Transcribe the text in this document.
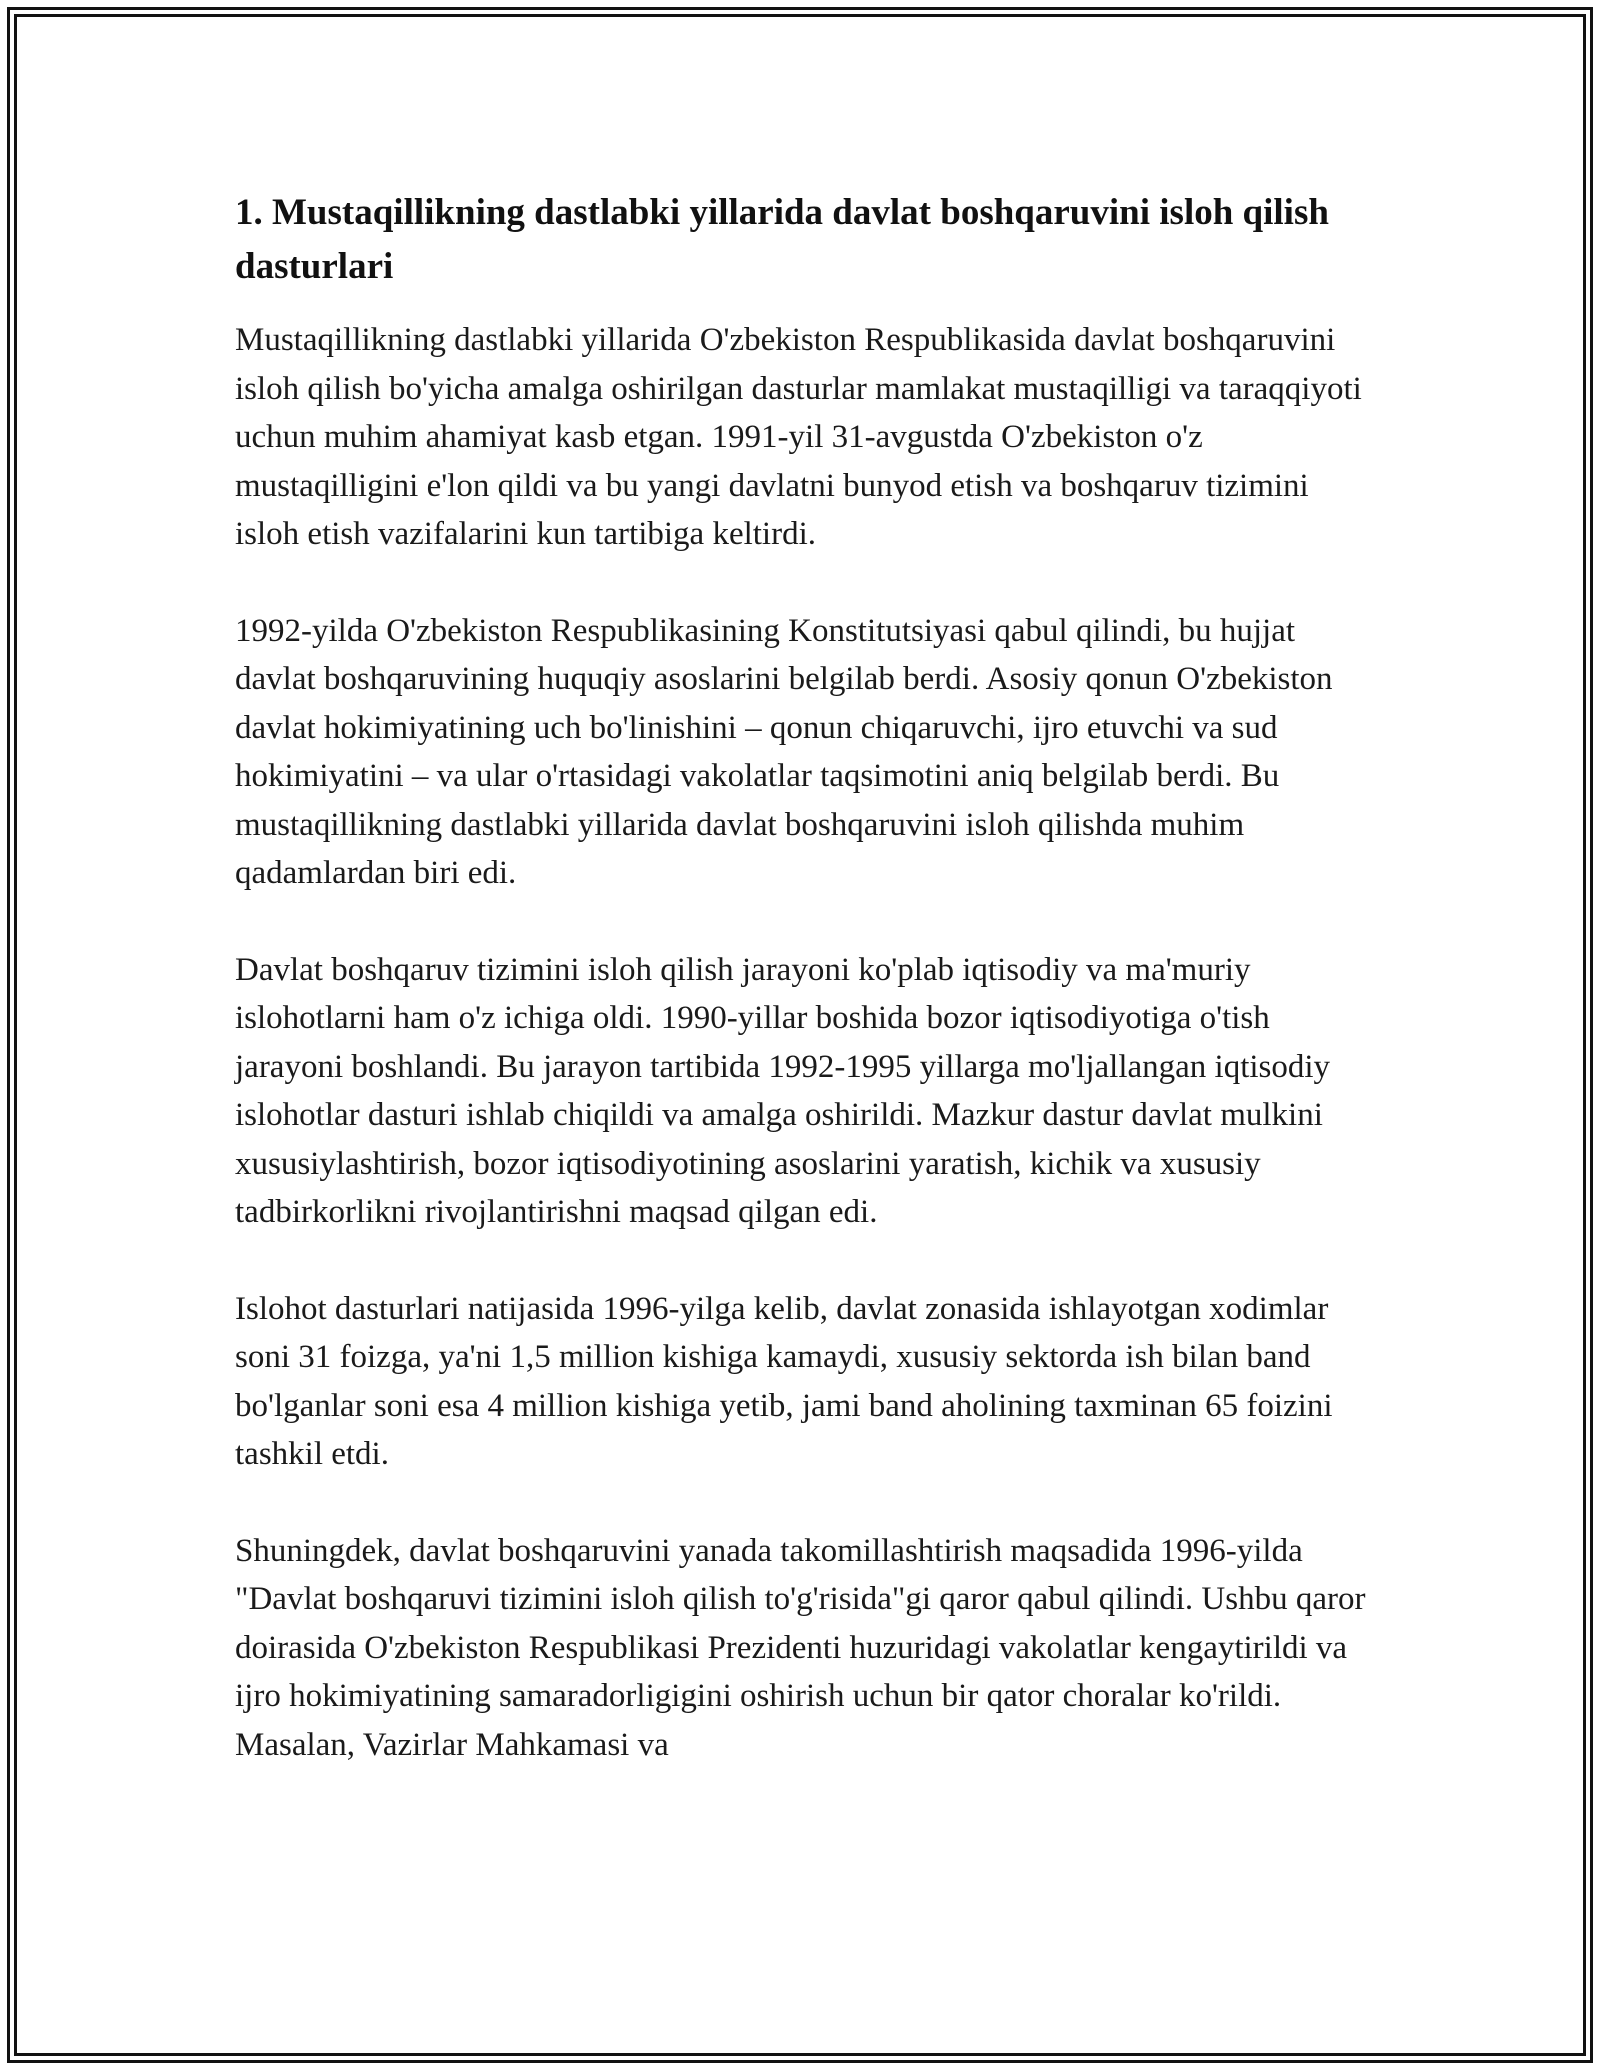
1. Mustaqillikning dastlabki yillarida davlat boshqaruvini isloh qilish dasturlari

Mustaqillikning dastlabki yillarida O'zbekiston Respublikasida davlat boshqaruvini isloh qilish bo'yicha amalga oshirilgan dasturlar mamlakat mustaqilligi va taraqqiyoti uchun muhim ahamiyat kasb etgan. 1991-yil 31-avgustda O'zbekiston o'z mustaqilligini e'lon qildi va bu yangi davlatni bunyod etish va boshqaruv tizimini isloh etish vazifalarini kun tartibiga keltirdi.

1992-yilda O'zbekiston Respublikasining Konstitutsiyasi qabul qilindi, bu hujjat davlat boshqaruvining huquqiy asoslarini belgilab berdi. Asosiy qonun O'zbekiston davlat hokimiyatining uch bo'linishini – qonun chiqaruvchi, ijro etuvchi va sud hokimiyatini – va ular o'rtasidagi vakolatlar taqsimotini aniq belgilab berdi. Bu mustaqillikning dastlabki yillarida davlat boshqaruvini isloh qilishda muhim qadamlardan biri edi.

Davlat boshqaruv tizimini isloh qilish jarayoni ko'plab iqtisodiy va ma'muriy islohotlarni ham o'z ichiga oldi. 1990-yillar boshida bozor iqtisodiyotiga o'tish jarayoni boshlandi. Bu jarayon tartibida 1992-1995 yillarga mo'ljallangan iqtisodiy islohotlar dasturi ishlab chiqildi va amalga oshirildi. Mazkur dastur davlat mulkini xususiylashtirish, bozor iqtisodiyotining asoslarini yaratish, kichik va xususiy tadbirkorlikni rivojlantirishni maqsad qilgan edi.

Islohot dasturlari natijasida 1996-yilga kelib, davlat zonasida ishlayotgan xodimlar soni 31 foizga, ya'ni 1,5 million kishiga kamaydi, xususiy sektorda ish bilan band bo'lganlar soni esa 4 million kishiga yetib, jami band aholining taxminan 65 foizini tashkil etdi.

Shuningdek, davlat boshqaruvini yanada takomillashtirish maqsadida 1996-yilda "Davlat boshqaruvi tizimini isloh qilish to'g'risida"gi qaror qabul qilindi. Ushbu qaror doirasida O'zbekiston Respublikasi Prezidenti huzuridagi vakolatlar kengaytirildi va ijro hokimiyatining samaradorligigini oshirish uchun bir qator choralar ko'rildi. Masalan, Vazirlar Mahkamasi va
